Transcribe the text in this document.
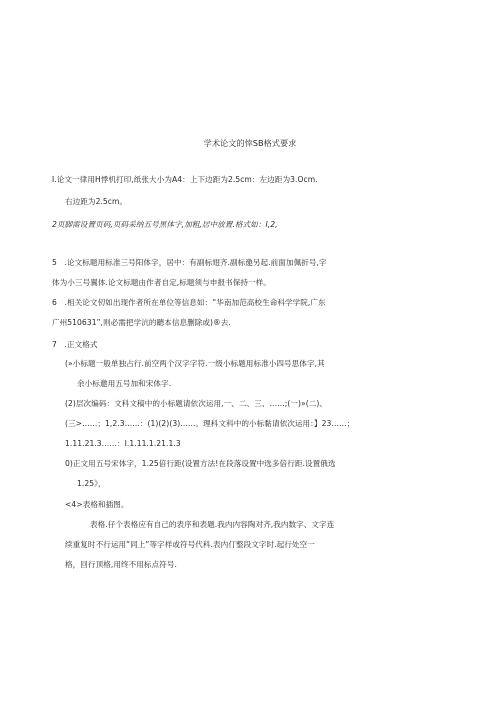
学术论文的悻SB格式要求
I.论文一律用H悸机打印,纸张大小为A4：上下边距为2.5cm：左边距为3.Ocm.
右边距为2.5cm。
2页脚需设置页码,页码采纳五号黑体字,加粗,居中放置.格式如：I,2,
5　.论文标题用标准三号阳体字，居中：有副标翅齐.副标邀另起.前面加佩折号,字
体为小三号翼体.论文标题由作者自定,标题须与申报书保持一样。
6　.相关论文仞如出现作者所在单位等信息如：“华南加范高校生命科学学院,广东
广州510631”,则必需把学沆的聽本信息删除或)®去.
7　.正文格式
(»小标题一般单独占行.前空两个汉字字符.一级小标题用标准小四号思体字,其
余小标邀用五号加和宋体字.
(2)层次编码：文科文稿中的小标题请依次运用,一、二、三、……;(一)»(二)、
(三>……；1,2.3……：(1)(2)(3)……。理科文科中的小标黏请依次运用：】23……；
1.11.21.3……：I.1.11.1.21.1.3
0)正文用五号宋体字，1.25倍行距(设置方法!在段落设置中选多倍行距.设置俄选
1.25》，
<4>表格和插图。
表格.仔个表格应有自己的表序和表题.我内内容陶对齐,我内数字、文字连
续重复时不行运用“同上”等字样或符号代科.表内仃整段文字时.起行处空一
格，回行顶格,用终不用标点符号.
